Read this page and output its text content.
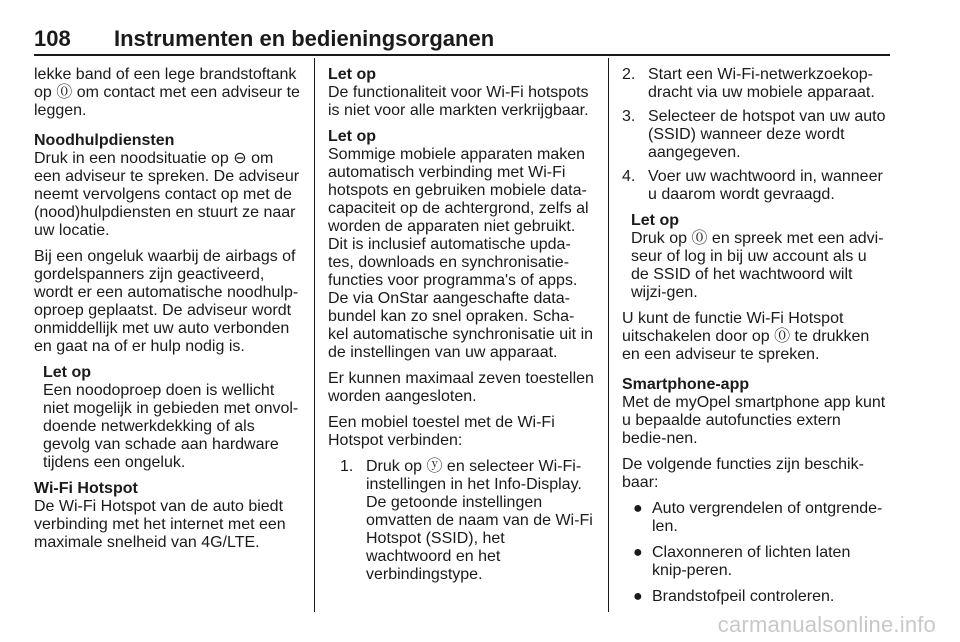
108 Instrumenten en bedieningsorganen

lekke band of een lege brandstoftank op ⓪ om contact met een adviseur te leggen.

Noodhulpdiensten
Druk in een noodsituatie op ⊖ om een adviseur te spreken. De adviseur neemt vervolgens contact op met de (nood)hulpdiensten en stuurt ze naar uw locatie.

Bij een ongeluk waarbij de airbags of gordelspanners zijn geactiveerd, wordt er een automatische noodhulp-oproep geplaatst. De adviseur wordt onmiddellijk met uw auto verbonden en gaat na of er hulp nodig is.

Let op
Een noodoproep doen is wellicht niet mogelijk in gebieden met onvol-doende netwerkdekking of als gevolg van schade aan hardware tijdens een ongeluk.

Wi-Fi Hotspot
De Wi-Fi Hotspot van de auto biedt verbinding met het internet met een maximale snelheid van 4G/LTE.

Let op
De functionaliteit voor Wi-Fi hotspots is niet voor alle markten verkrijgbaar.

Let op
Sommige mobiele apparaten maken automatisch verbinding met Wi-Fi hotspots en gebruiken mobiele data-capaciteit op de achtergrond, zelfs al worden de apparaten niet gebruikt. Dit is inclusief automatische upda-tes, downloads en synchronisatie-functies voor programma's of apps. De via OnStar aangeschafte data-bundel kan zo snel opraken. Scha-kel automatische synchronisatie uit in de instellingen van uw apparaat.

Er kunnen maximaal zeven toestellen worden aangesloten.

Een mobiel toestel met de Wi-Fi Hotspot verbinden:

1. Druk op ⓨ en selecteer Wi-Fi-instellingen in het Info-Display. De getoonde instellingen omvatten de naam van de Wi-Fi Hotspot (SSID), het wachtwoord en het verbindingstype.
2. Start een Wi-Fi-netwerkzoekop-dracht via uw mobiele apparaat.
3. Selecteer de hotspot van uw auto (SSID) wanneer deze wordt aangegeven.
4. Voer uw wachtwoord in, wanneer u daarom wordt gevraagd.
Let op
Druk op ⓪ en spreek met een advi-seur of log in bij uw account als u de SSID of het wachtwoord wilt wijzi-gen.

U kunt de functie Wi-Fi Hotspot uitschakelen door op ⓪ te drukken en een adviseur te spreken.

Smartphone-app
Met de myOpel smartphone app kunt u bepaalde autofuncties extern bedie-nen.

De volgende functies zijn beschik-baar:

● Auto vergrendelen of ontgrende-len.
● Claxonneren of lichten laten knip-peren.
● Brandstofpeil controleren.
carmanualsonline.info
